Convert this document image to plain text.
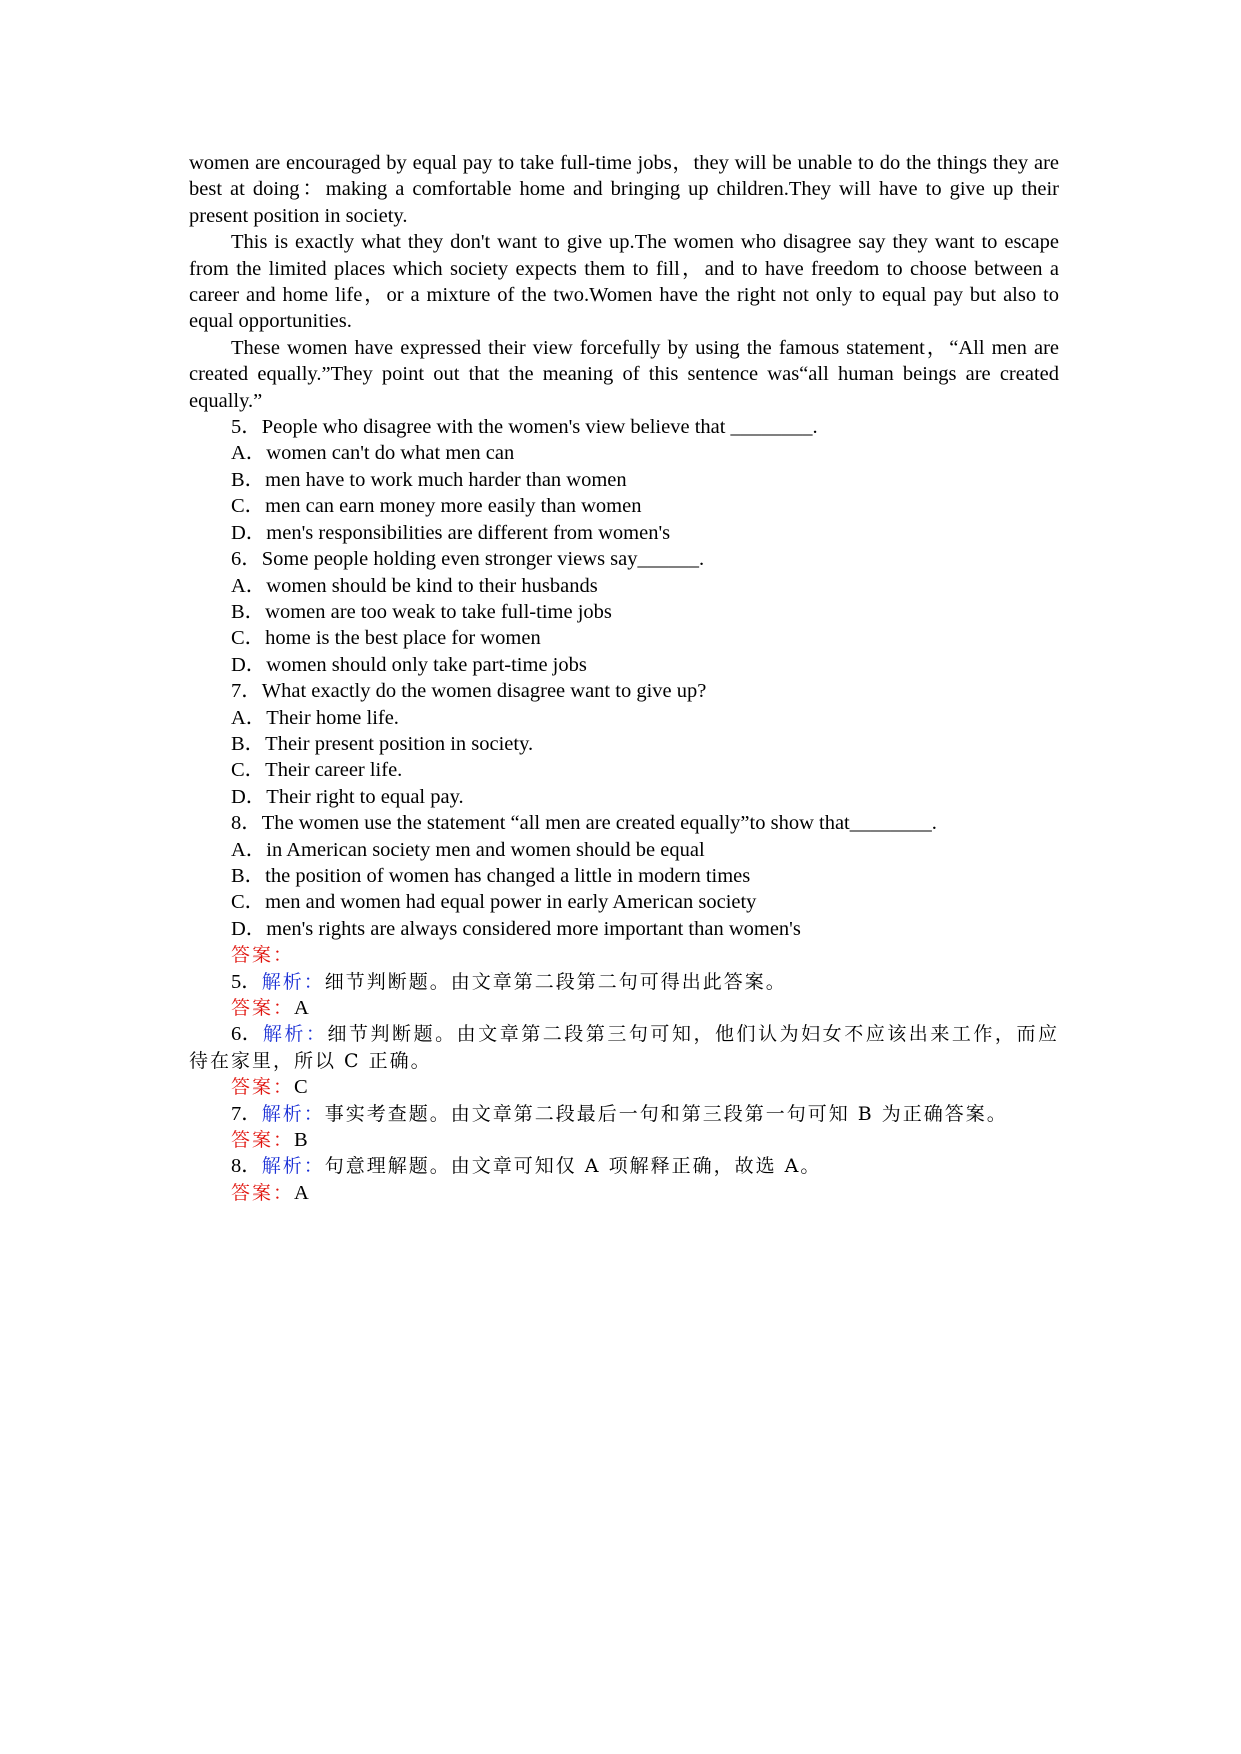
women are encouraged by equal pay to take full-time jobs，they will be unable to do the things they are best at doing：making a comfortable home and bringing up children.They will have to give up their present position in society.

This is exactly what they don't want to give up.The women who disagree say they want to escape from the limited places which society expects them to fill，and to have freedom to choose between a career and home life，or a mixture of the two.Women have the right not only to equal pay but also to equal opportunities.

These women have expressed their view forcefully by using the famous statement，“All men are created equally.”They point out that the meaning of this sentence was“all human beings are created equally.”

5．People who disagree with the women's view believe that ________.

A．women can't do what men can

B．men have to work much harder than women

C．men can earn money more easily than women

D．men's responsibilities are different from women's

6．Some people holding even stronger views say______.

A．women should be kind to their husbands

B．women are too weak to take full-time jobs

C．home is the best place for women

D．women should only take part-time jobs

7．What exactly do the women disagree want to give up?

A．Their home life.

B．Their present position in society.

C．Their career life.

D．Their right to equal pay.

8．The women use the statement “all men are created equally”to show that________.

A．in American society men and women should be equal

B．the position of women has changed a little in modern times

C．men and women had equal power in early American society

D．men's rights are always considered more important than women's

答案：

5．解析：细节判断题。由文章第二段第二句可得出此答案。

答案：A

6．解析：细节判断题。由文章第二段第三句可知，他们认为妇女不应该出来工作，而应待在家里，所以 C 正确。

答案：C

7．解析：事实考查题。由文章第二段最后一句和第三段第一句可知 B 为正确答案。

答案：B

8．解析：句意理解题。由文章可知仅 A 项解释正确，故选 A。

答案：A
